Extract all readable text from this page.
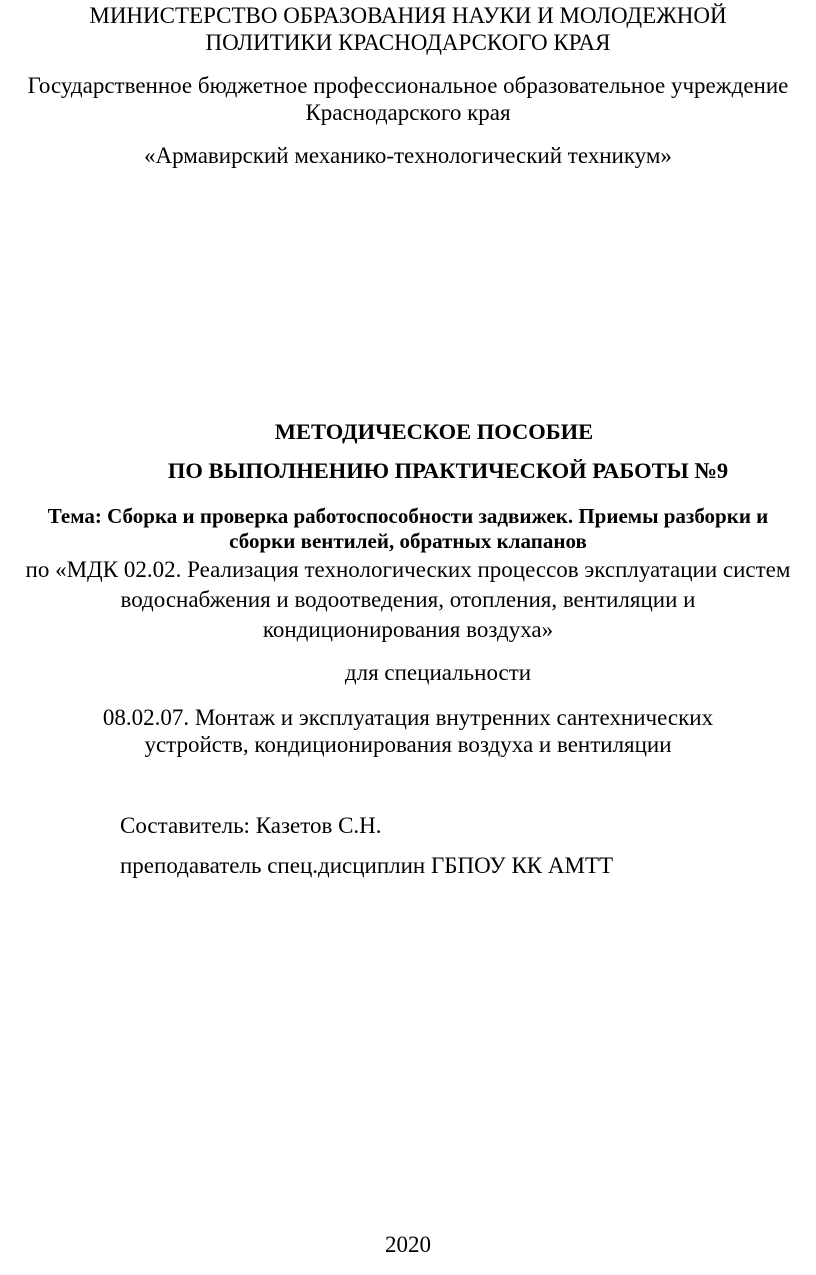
МИНИСТЕРСТВО ОБРАЗОВАНИЯ НАУКИ И МОЛОДЕЖНОЙ
ПОЛИТИКИ КРАСНОДАРСКОГО КРАЯ
Государственное бюджетное профессиональное образовательное учреждение
Краснодарского края
«Армавирский механико-технологический техникум»
МЕТОДИЧЕСКОЕ ПОСОБИЕ
ПО ВЫПОЛНЕНИЮ ПРАКТИЧЕСКОЙ РАБОТЫ №9
Тема: Сборка и проверка работоспособности задвижек. Приемы разборки и
сборки вентилей, обратных клапанов
по «МДК 02.02. Реализация технологических процессов эксплуатации систем
водоснабжения и водоотведения, отопления, вентиляции и
кондиционирования воздуха»
для специальности
08.02.07. Монтаж и эксплуатация внутренних сантехнических
устройств, кондиционирования воздуха и вентиляции
Составитель: Казетов С.Н.
преподаватель спец.дисциплин ГБПОУ КК АМТТ
2020
